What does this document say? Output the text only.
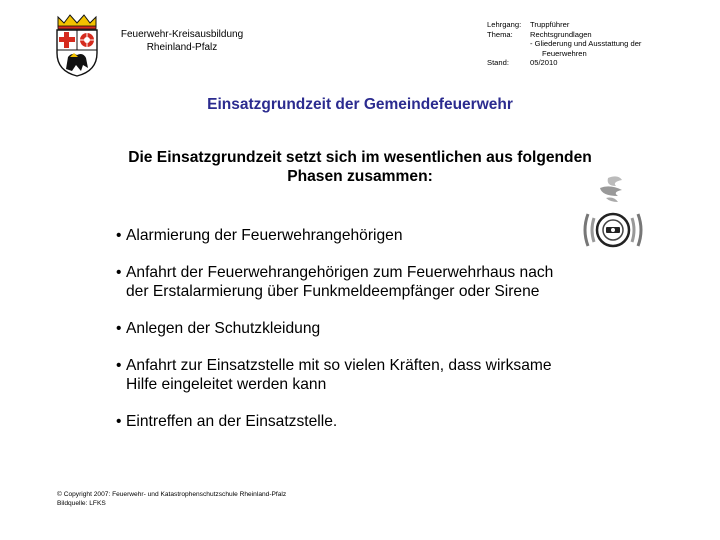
Feuerwehr-Kreisausbildung
Rheinland-Pfalz
Lehrgang:	Truppführer
Thema:	Rechtsgrundlagen
- Gliederung und Ausstattung der
Feuerwehren
Stand:	05/2010
Einsatzgrundzeit der Gemeindefeuerwehr
Die Einsatzgrundzeit setzt sich im wesentlichen aus folgenden
Phasen zusammen:
• Alarmierung der Feuerwehrangehörigen
• Anfahrt der Feuerwehrangehörigen zum Feuerwehrhaus nach
der Erstalarmierung über Funkmeldeempfänger oder Sirene
• Anlegen der Schutzkleidung
• Anfahrt zur Einsatzstelle mit so vielen Kräften, dass wirksame
Hilfe eingeleitet werden kann
• Eintreffen an der Einsatzstelle.
© Copyright 2007: Feuerwehr- und Katastrophenschutzschule Rheinland-Pfalz
Bildquelle: LFKS
